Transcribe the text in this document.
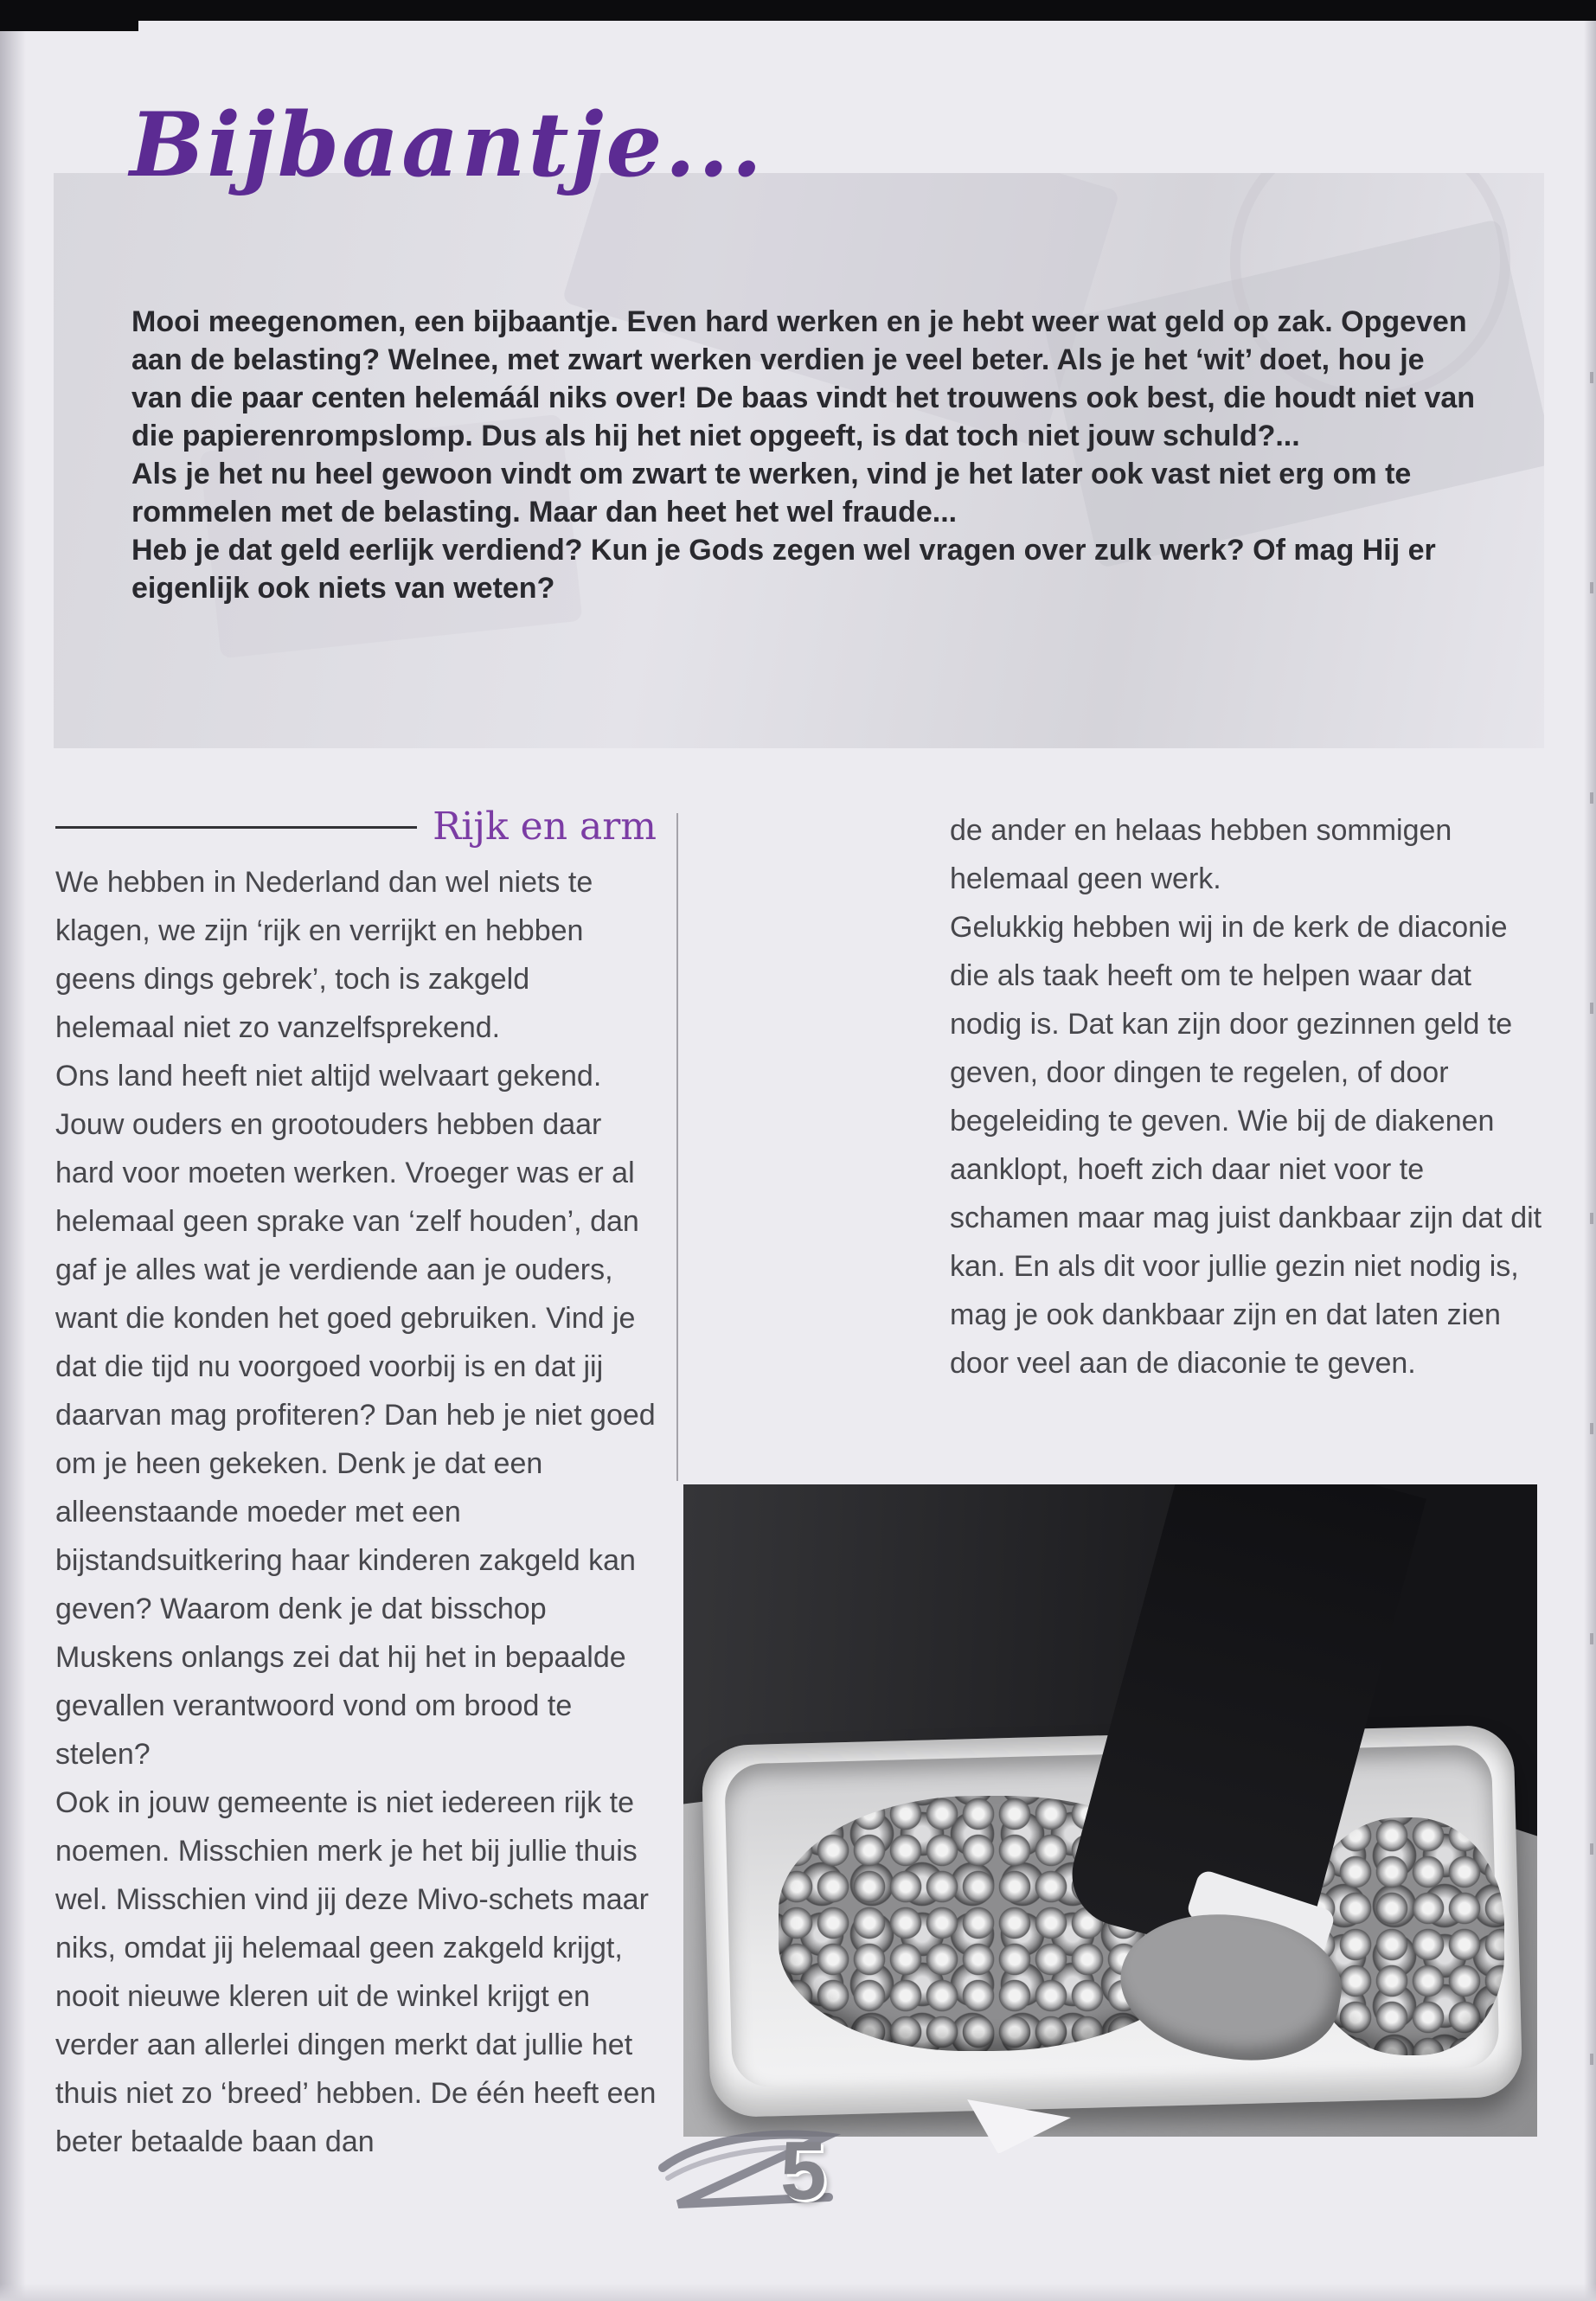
Bijbaantje...

Mooi meegenomen, een bijbaantje. Even hard werken en je hebt weer wat geld op zak. Opgeven aan de belasting? Welnee, met zwart werken verdien je veel beter. Als je het ‘wit’ doet, hou je van die paar centen helemáál niks over! De baas vindt het trouwens ook best, die houdt niet van die papierenrompslomp. Dus als hij het niet opgeeft, is dat toch niet jouw schuld?...

Als je het nu heel gewoon vindt om zwart te werken, vind je het later ook vast niet erg om te rommelen met de belasting. Maar dan heet het wel fraude...

Heb je dat geld eerlijk verdiend? Kun je Gods zegen wel vragen over zulk werk? Of mag Hij er eigenlijk ook niets van weten?

Rijk en arm

We hebben in Nederland dan wel niets te klagen, we zijn ‘rijk en verrijkt en hebben geens dings gebrek’, toch is zakgeld helemaal niet zo vanzelfsprekend.

Ons land heeft niet altijd welvaart gekend. Jouw ouders en grootouders hebben daar hard voor moeten werken. Vroeger was er al helemaal geen sprake van ‘zelf houden’, dan gaf je alles wat je verdiende aan je ouders, want die konden het goed gebruiken. Vind je dat die tijd nu voorgoed voorbij is en dat jij daarvan mag profiteren? Dan heb je niet goed om je heen gekeken. Denk je dat een alleenstaande moeder met een bijstandsuitkering haar kinderen zakgeld kan geven? Waarom denk je dat bisschop Muskens onlangs zei dat hij het in bepaalde gevallen verantwoord vond om brood te stelen?

Ook in jouw gemeente is niet iedereen rijk te noemen. Misschien merk je het bij jullie thuis wel. Misschien vind jij deze Mivo-schets maar niks, omdat jij helemaal geen zakgeld krijgt, nooit nieuwe kleren uit de winkel krijgt en verder aan allerlei dingen merkt dat jullie het thuis niet zo ‘breed’ hebben. De één heeft een beter betaalde baan dan

de ander en helaas hebben sommigen helemaal geen werk.

Gelukkig hebben wij in de kerk de diaconie die als taak heeft om te helpen waar dat nodig is. Dat kan zijn door gezinnen geld te geven, door dingen te regelen, of door begeleiding te geven. Wie bij de diakenen aanklopt, hoeft zich daar niet voor te schamen maar mag juist dankbaar zijn dat dit kan. En als dit voor jullie gezin niet nodig is, mag je ook dankbaar zijn en dat laten zien door veel aan de diaconie te geven.

5
